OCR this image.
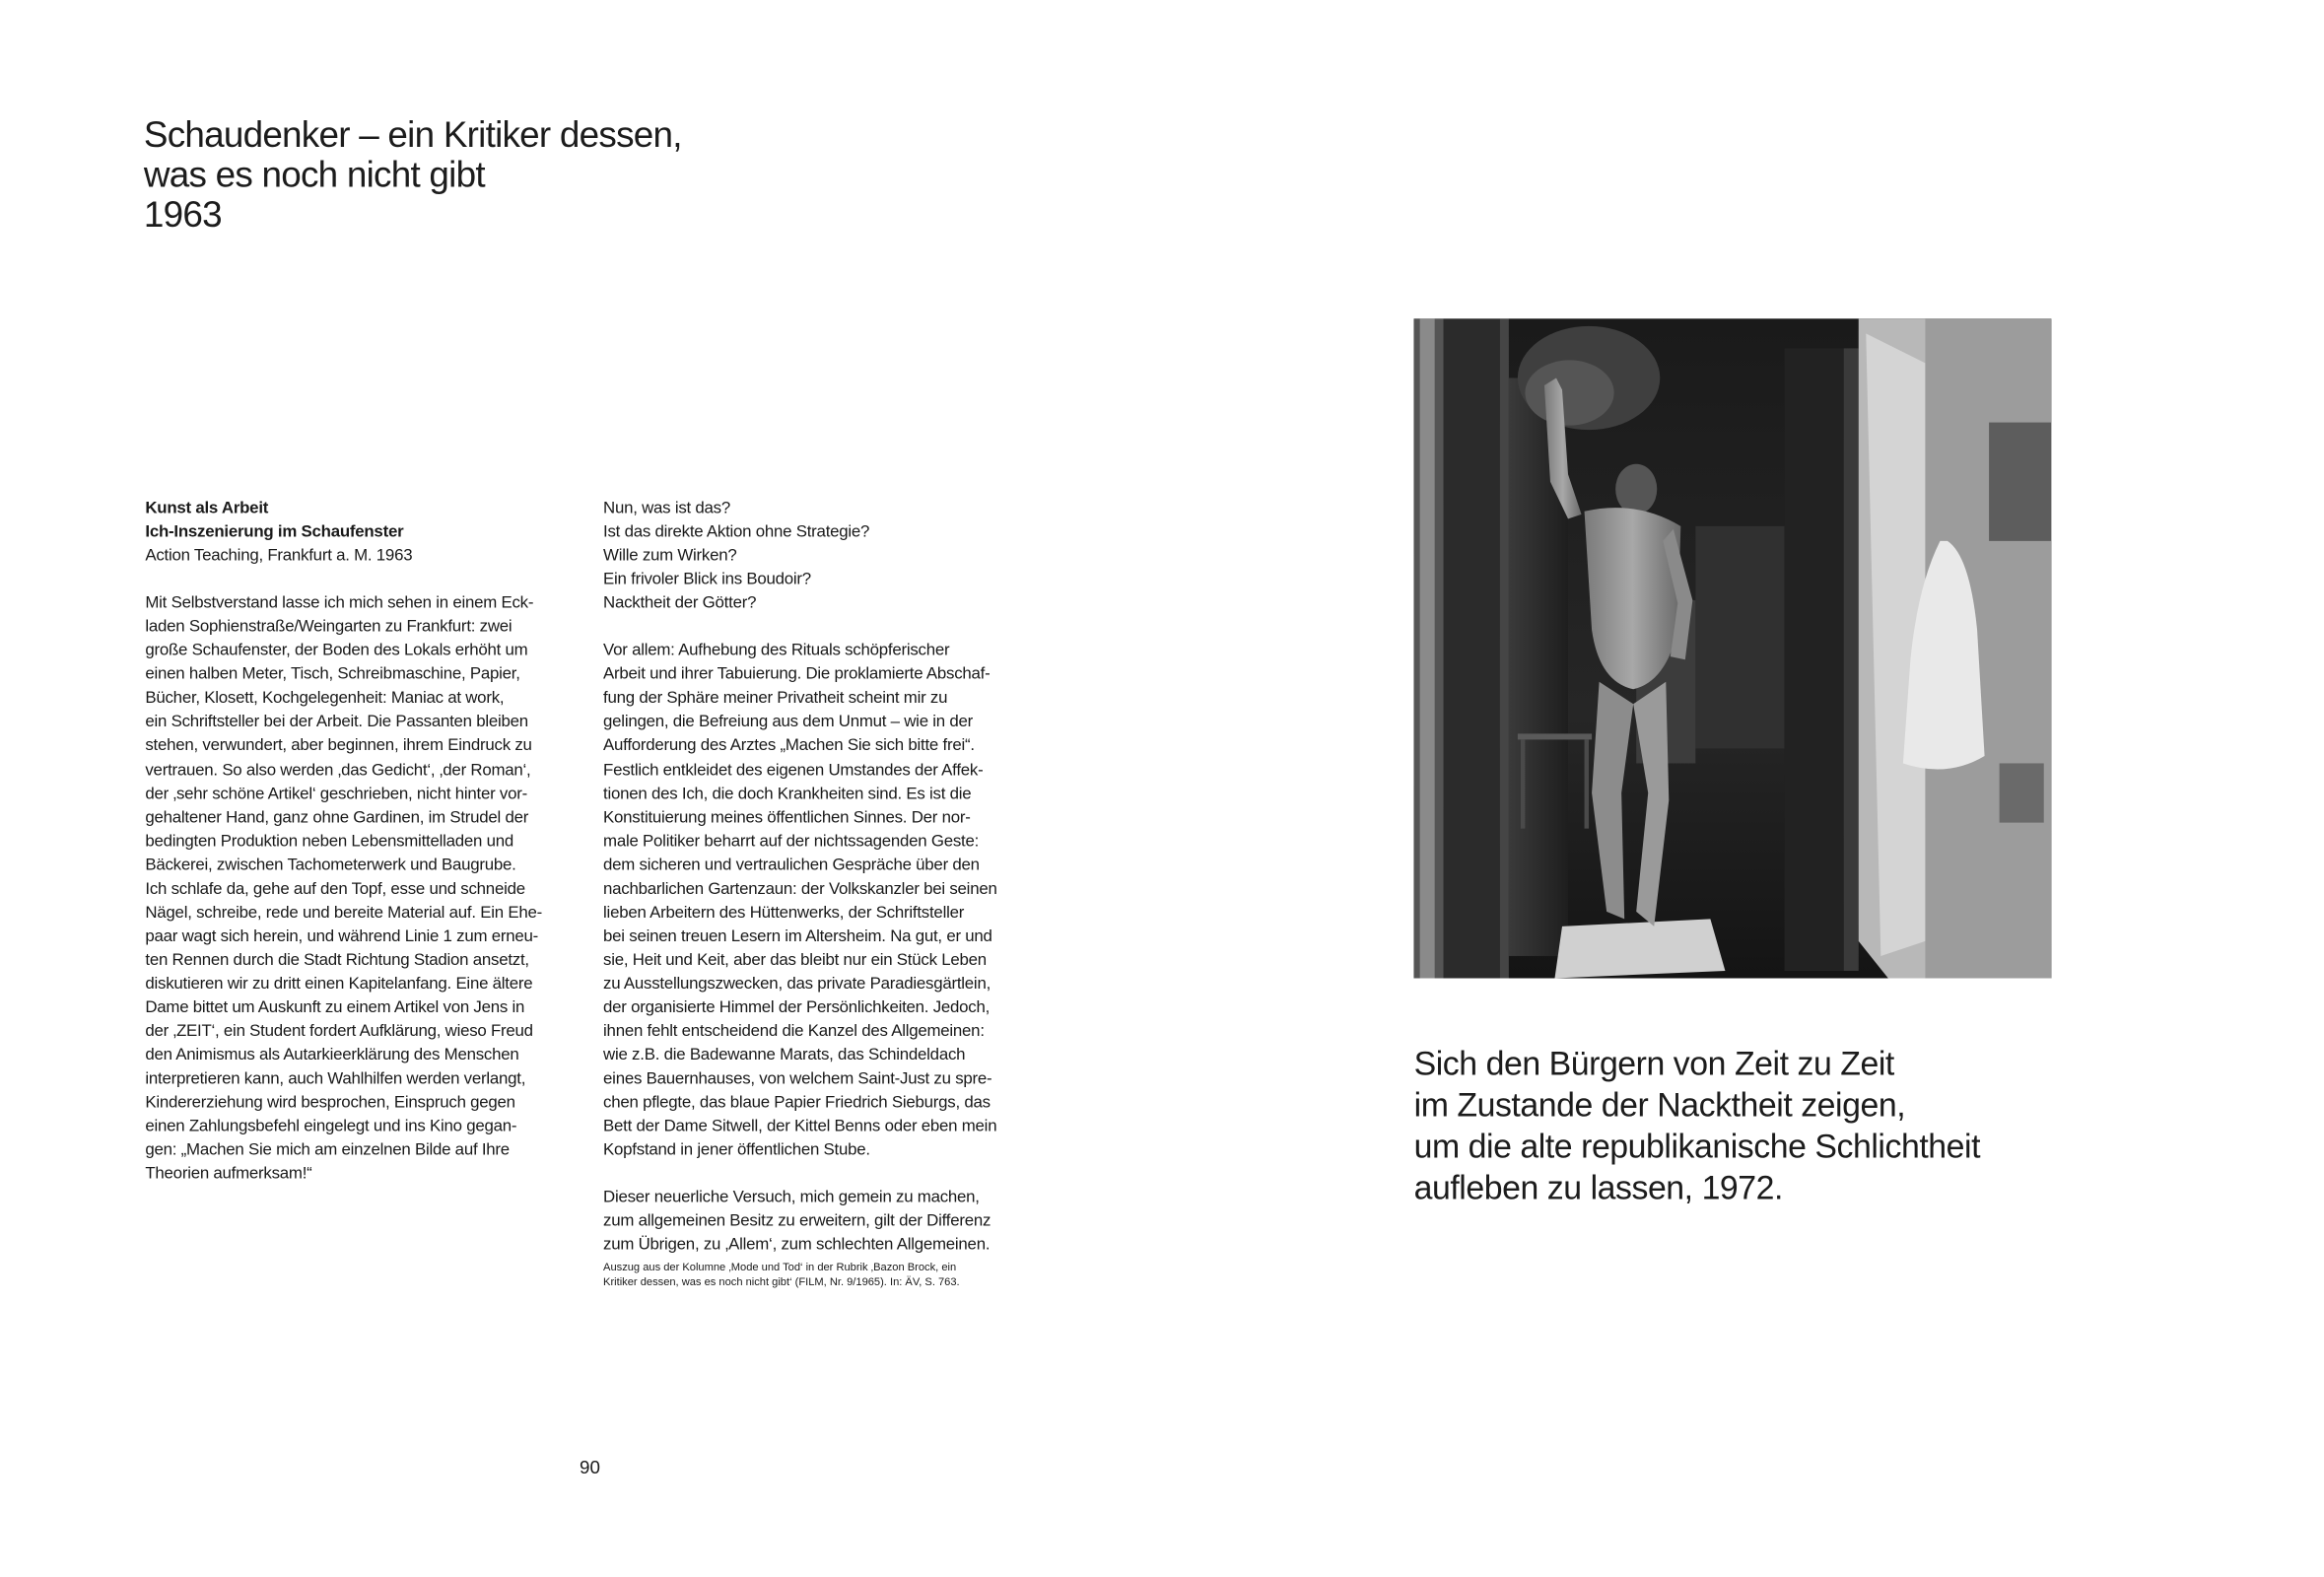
Schaudenker – ein Kritiker dessen,
was es noch nicht gibt
1963

Kunst als Arbeit

Ich-Inszenierung im Schaufenster

Action Teaching, Frankfurt a. M. 1963

Mit Selbstverstand lasse ich mich sehen in einem Eck-
laden Sophienstraße/Weingarten zu Frankfurt: zwei
große Schaufenster, der Boden des Lokals erhöht um
einen halben Meter, Tisch, Schreibmaschine, Papier,
Bücher, Klosett, Kochgelegenheit: Maniac at work,
ein Schriftsteller bei der Arbeit. Die Passanten bleiben
stehen, verwundert, aber beginnen, ihrem Eindruck zu
vertrauen. So also werden ‚das Gedicht‘, ‚der Roman‘,
der ‚sehr schöne Artikel‘ geschrieben, nicht hinter vor-
gehaltener Hand, ganz ohne Gardinen, im Strudel der
bedingten Produktion neben Lebensmittelladen und
Bäckerei, zwischen Tachometerwerk und Baugrube.
Ich schlafe da, gehe auf den Topf, esse und schneide
Nägel, schreibe, rede und bereite Material auf. Ein Ehe-
paar wagt sich herein, und während Linie 1 zum erneu-
ten Rennen durch die Stadt Richtung Stadion ansetzt,
diskutieren wir zu dritt einen Kapitelanfang. Eine ältere
Dame bittet um Auskunft zu einem Artikel von Jens in
der ‚ZEIT‘, ein Student fordert Aufklärung, wieso Freud
den Animismus als Autarkieerklärung des Menschen
interpretieren kann, auch Wahlhilfen werden verlangt,
Kindererziehung wird besprochen, Einspruch gegen
einen Zahlungsbefehl eingelegt und ins Kino gegan-
gen: „Machen Sie mich am einzelnen Bilde auf Ihre
Theorien aufmerksam!“

Nun, was ist das?
Ist das direkte Aktion ohne Strategie?
Wille zum Wirken?
Ein frivoler Blick ins Boudoir?
Nacktheit der Götter?

Vor allem: Aufhebung des Rituals schöpferischer
Arbeit und ihrer Tabuierung. Die proklamierte Abschaf-
fung der Sphäre meiner Privatheit scheint mir zu
gelingen, die Befreiung aus dem Unmut – wie in der
Aufforderung des Arztes „Machen Sie sich bitte frei“.
Festlich entkleidet des eigenen Umstandes der Affek-
tionen des Ich, die doch Krankheiten sind. Es ist die
Konstituierung meines öffentlichen Sinnes. Der nor-
male Politiker beharrt auf der nichtssagenden Geste:
dem sicheren und vertraulichen Gespräche über den
nachbarlichen Gartenzaun: der Volkskanzler bei seinen
lieben Arbeitern des Hüttenwerks, der Schriftsteller
bei seinen treuen Lesern im Altersheim. Na gut, er und
sie, Heit und Keit, aber das bleibt nur ein Stück Leben
zu Ausstellungszwecken, das private Paradiesgärtlein,
der organisierte Himmel der Persönlichkeiten. Jedoch,
ihnen fehlt entscheidend die Kanzel des Allgemeinen:
wie z.B. die Badewanne Marats, das Schindeldach
eines Bauernhauses, von welchem Saint-Just zu spre-
chen pflegte, das blaue Papier Friedrich Sieburgs, das
Bett der Dame Sitwell, der Kittel Benns oder eben mein
Kopfstand in jener öffentlichen Stube.

Dieser neuerliche Versuch, mich gemein zu machen,
zum allgemeinen Besitz zu erweitern, gilt der Differenz
zum Übrigen, zu ‚Allem‘, zum schlechten Allgemeinen.

Auszug aus der Kolumne ‚Mode und Tod‘ in der Rubrik ‚Bazon Brock, ein
Kritiker dessen, was es noch nicht gibt‘ (FILM, Nr. 9/1965). In: ÄV, S. 763.
90
Sich den Bürgern von Zeit zu Zeit
im Zustande der Nacktheit zeigen,
um die alte republikanische Schlichtheit
aufleben zu lassen, 1972.
